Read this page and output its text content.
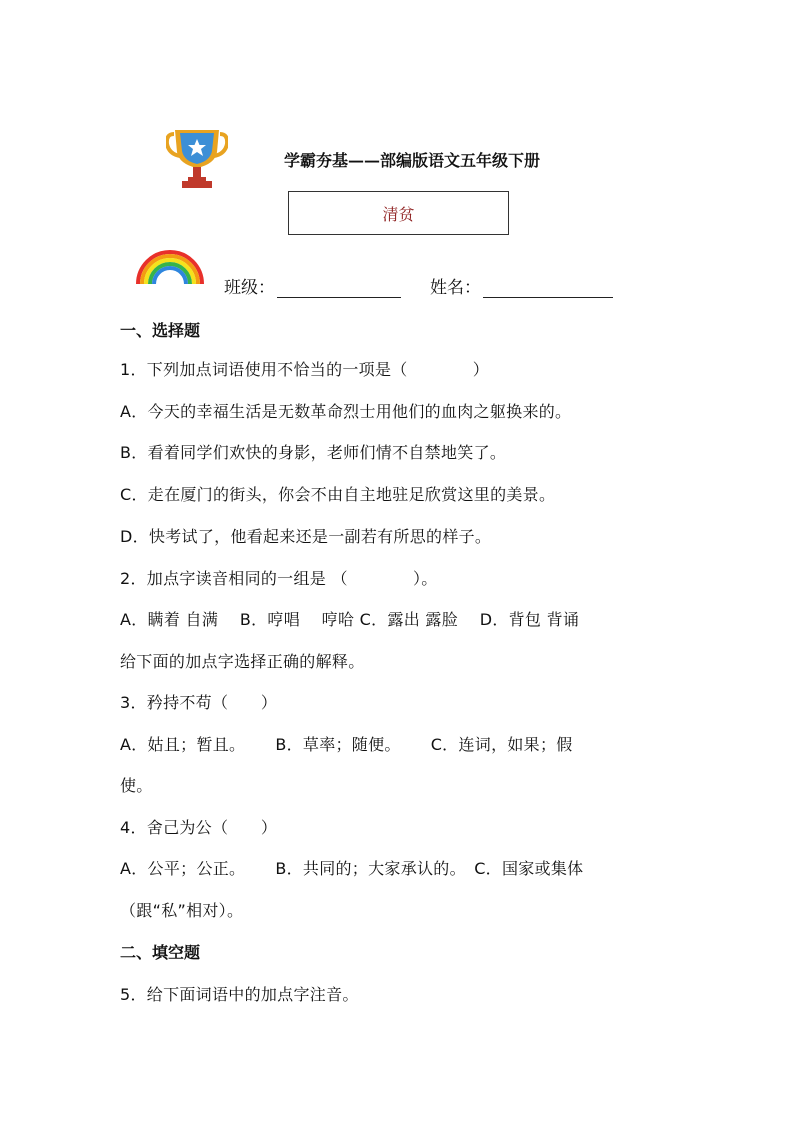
学霸夯基——部编版语文五年级下册
清贫
班级：	姓名：
一、选择题
1．下列加点词语使用不恰当的一项是（　　　　）
A．今天的幸福生活是无数革命烈士用他们的血肉之躯换来的。
B．看着同学们欢快的身影，老师们情不自禁地笑了。
C．走在厦门的街头，你会不由自主地驻足欣赏这里的美景。
D．快考试了，他看起来还是一副若有所思的样子。
2．加点字读音相同的一组是 （　　　　）。
A．瞒着 自满　 B．哼唱　 哼哈 C．露出 露脸　 D．背包 背诵
给下面的加点字选择正确的解释。
3．矜持不苟（　　）
A．姑且；暂且。　　 B．草率；随便。　　 C．连词，如果；假
使。
4．舍己为公（　　）
A．公平；公正。　　 B．共同的；大家承认的。　C．国家或集体
（跟“私”相对）。
二、填空题
5．给下面词语中的加点字注音。
